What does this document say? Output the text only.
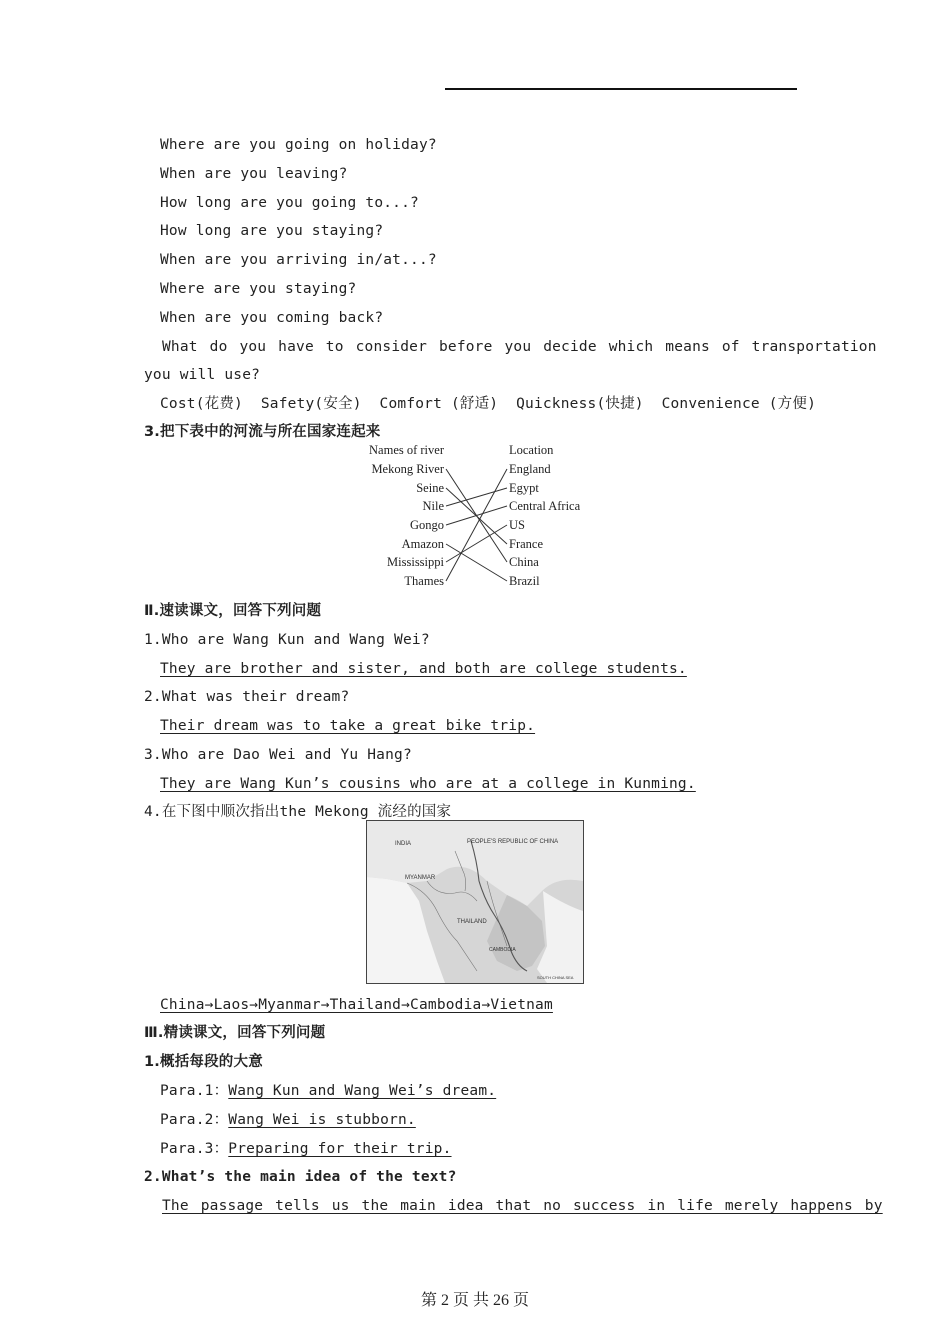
Where are you going on holiday?
When are you leaving?
How long are you going to...?
How long are you staying?
When are you arriving in/at...?
Where are you staying?
When are you coming back?
What do you have to consider before you decide which means of transportation
you will use?
Cost(花费)  Safety(安全)  Comfort (舒适)  Quickness(快捷)  Convenience (方便)
3.把下表中的河流与所在国家连起来
Names of river	Location
Mekong River
Seine
Nile
Gongo
Amazon
Mississippi
Thames
England
Egypt
Central Africa
US
France
China
Brazil
Ⅱ.速读课文，回答下列问题
1.Who are Wang Kun and Wang Wei?
They are brother and sister, and both are college students.
2.What was their dream?
Their dream was to take a great bike trip.
3.Who are Dao Wei and Yu Hang?
They are Wang Kun’s cousins who are at a college in Kunming.
4.在下图中顺次指出the Mekong 流经的国家
PEOPLE'S REPUBLIC OF CHINA
INDIA
MYANMAR
THAILAND
CAMBODIA
SOUTH CHINA SEA
China→Laos→Myanmar→Thailand→Cambodia→Vietnam
Ⅲ.精读课文，回答下列问题
1.概括每段的大意
Para.1：Wang Kun and Wang Wei’s dream.
Para.2：Wang Wei is stubborn.
Para.3：Preparing for their trip.
2.What’s the main idea of the text?
The passage tells us the main idea that no success in life merely happens by
第 2 页 共 26 页
